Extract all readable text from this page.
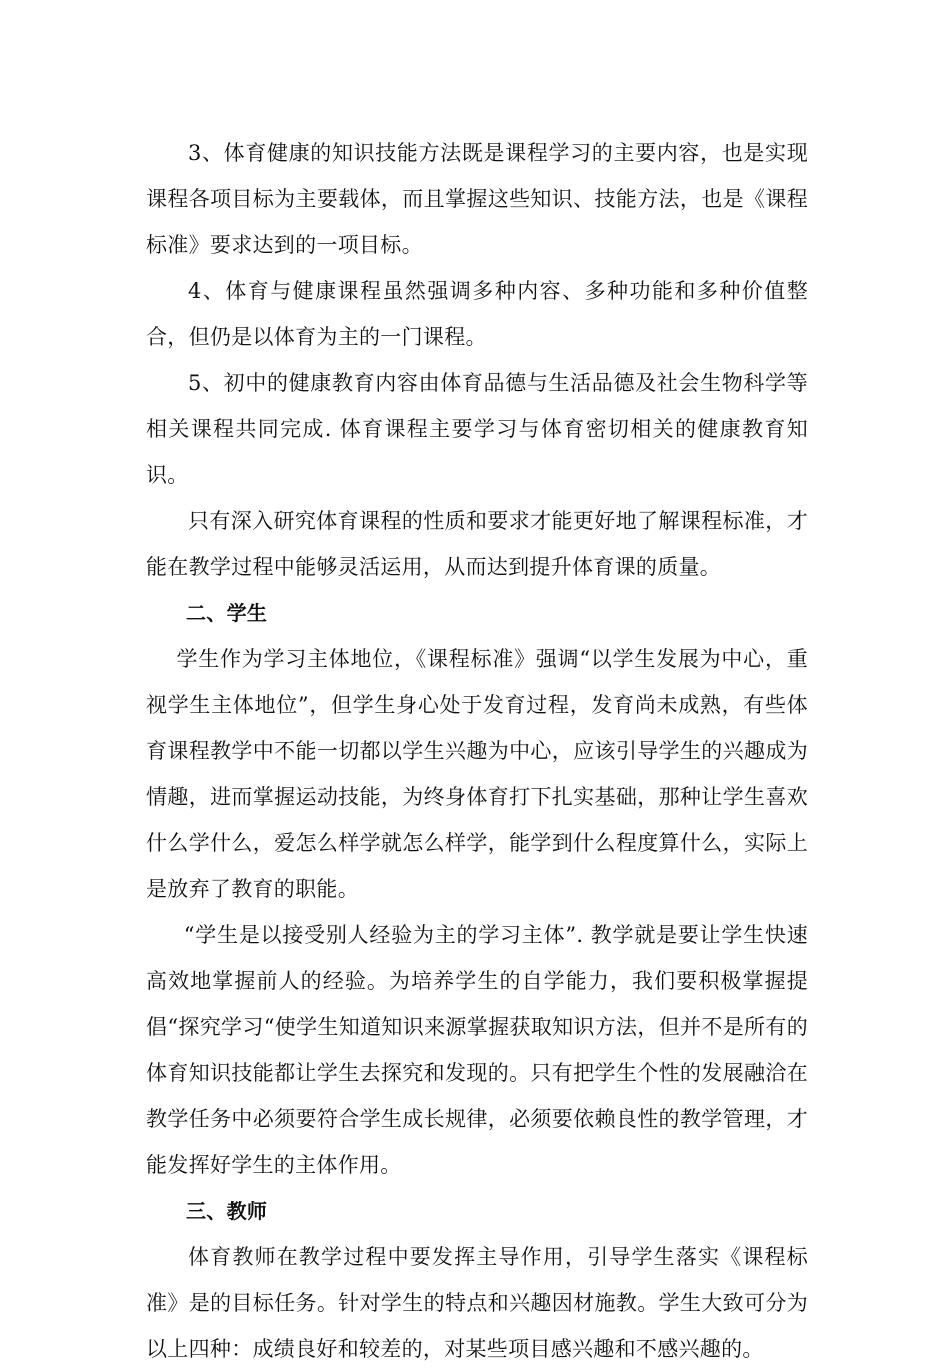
3、体育健康的知识技能方法既是课程学习的主要内容，也是实现课程各项目标为主要载体，而且掌握这些知识、技能方法，也是《课程标准》要求达到的一项目标。

4、体育与健康课程虽然强调多种内容、多种功能和多种价值整合，但仍是以体育为主的一门课程。

5、初中的健康教育内容由体育品德与生活品德及社会生物科学等相关课程共同完成. 体育课程主要学习与体育密切相关的健康教育知识。

只有深入研究体育课程的性质和要求才能更好地了解课程标准，才能在教学过程中能够灵活运用，从而达到提升体育课的质量。

二、学生

学生作为学习主体地位，《课程标准》强调“以学生发展为中心，重视学生主体地位”，但学生身心处于发育过程，发育尚未成熟，有些体育课程教学中不能一切都以学生兴趣为中心，应该引导学生的兴趣成为情趣，进而掌握运动技能，为终身体育打下扎实基础，那种让学生喜欢什么学什么，爱怎么样学就怎么样学，能学到什么程度算什么，实际上是放弃了教育的职能。

“学生是以接受别人经验为主的学习主体”. 教学就是要让学生快速高效地掌握前人的经验。为培养学生的自学能力，我们要积极掌握提倡“探究学习“使学生知道知识来源掌握获取知识方法，但并不是所有的体育知识技能都让学生去探究和发现的。只有把学生个性的发展融洽在教学任务中必须要符合学生成长规律，必须要依赖良性的教学管理，才能发挥好学生的主体作用。

三、教师

体育教师在教学过程中要发挥主导作用，引导学生落实《课程标准》是的目标任务。针对学生的特点和兴趣因材施教。学生大致可分为以上四种：成绩良好和较差的，对某些项目感兴趣和不感兴趣的。
